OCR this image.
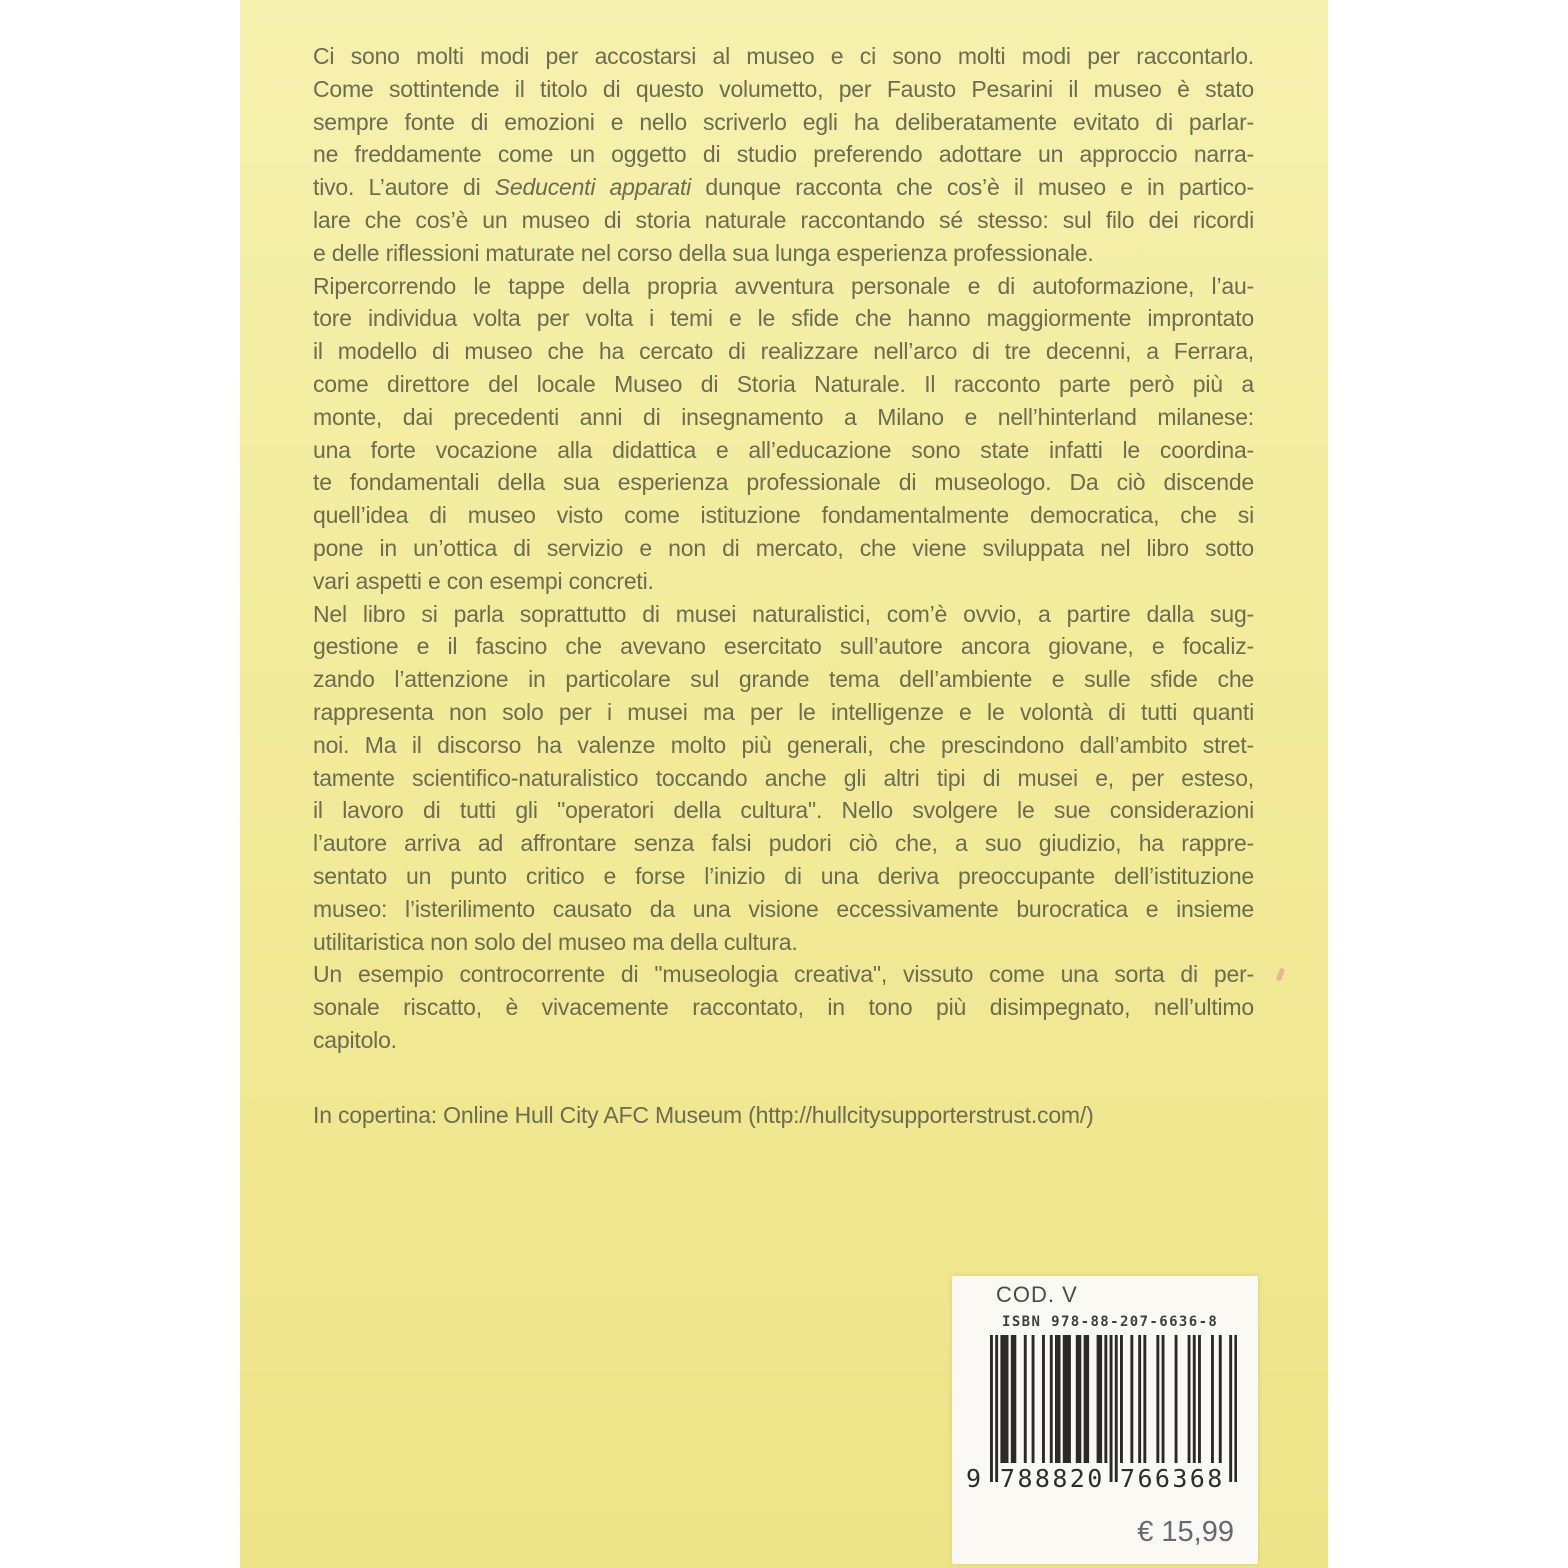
Ci sono molti modi per accostarsi al museo e ci sono molti modi per raccontarlo.
Come sottintende il titolo di questo volumetto, per Fausto Pesarini il museo è stato
sempre fonte di emozioni e nello scriverlo egli ha deliberatamente evitato di parlar-
ne freddamente come un oggetto di studio preferendo adottare un approccio narra-
tivo. L’autore di Seducenti apparati dunque racconta che cos’è il museo e in partico-
lare che cos’è un museo di storia naturale raccontando sé stesso: sul filo dei ricordi
e delle riflessioni maturate nel corso della sua lunga esperienza professionale.
Ripercorrendo le tappe della propria avventura personale e di autoformazione, l’au-
tore individua volta per volta i temi e le sfide che hanno maggiormente improntato
il modello di museo che ha cercato di realizzare nell’arco di tre decenni, a Ferrara,
come direttore del locale Museo di Storia Naturale. Il racconto parte però più a
monte, dai precedenti anni di insegnamento a Milano e nell’hinterland milanese:
una forte vocazione alla didattica e all’educazione sono state infatti le coordina-
te fondamentali della sua esperienza professionale di museologo. Da ciò discende
quell’idea di museo visto come istituzione fondamentalmente democratica, che si
pone in un’ottica di servizio e non di mercato, che viene sviluppata nel libro sotto
vari aspetti e con esempi concreti.
Nel libro si parla soprattutto di musei naturalistici, com’è ovvio, a partire dalla sug-
gestione e il fascino che avevano esercitato sull’autore ancora giovane, e focaliz-
zando l’attenzione in particolare sul grande tema dell’ambiente e sulle sfide che
rappresenta non solo per i musei ma per le intelligenze e le volontà di tutti quanti
noi. Ma il discorso ha valenze molto più generali, che prescindono dall’ambito stret-
tamente scientifico-naturalistico toccando anche gli altri tipi di musei e, per esteso,
il lavoro di tutti gli "operatori della cultura". Nello svolgere le sue considerazioni
l’autore arriva ad affrontare senza falsi pudori ciò che, a suo giudizio, ha rappre-
sentato un punto critico e forse l’inizio di una deriva preoccupante dell’istituzione
museo: l’isterilimento causato da una visione eccessivamente burocratica e insieme
utilitaristica non solo del museo ma della cultura.
Un esempio controcorrente di "museologia creativa", vissuto come una sorta di per-
sonale riscatto, è vivacemente raccontato, in tono più disimpegnato, nell’ultimo
capitolo.
In copertina: Online Hull City AFC Museum (http://hullcitysupporterstrust.com/)
COD. V
ISBN 978-88-207-6636-8
9 788820 766368
€ 15,99
